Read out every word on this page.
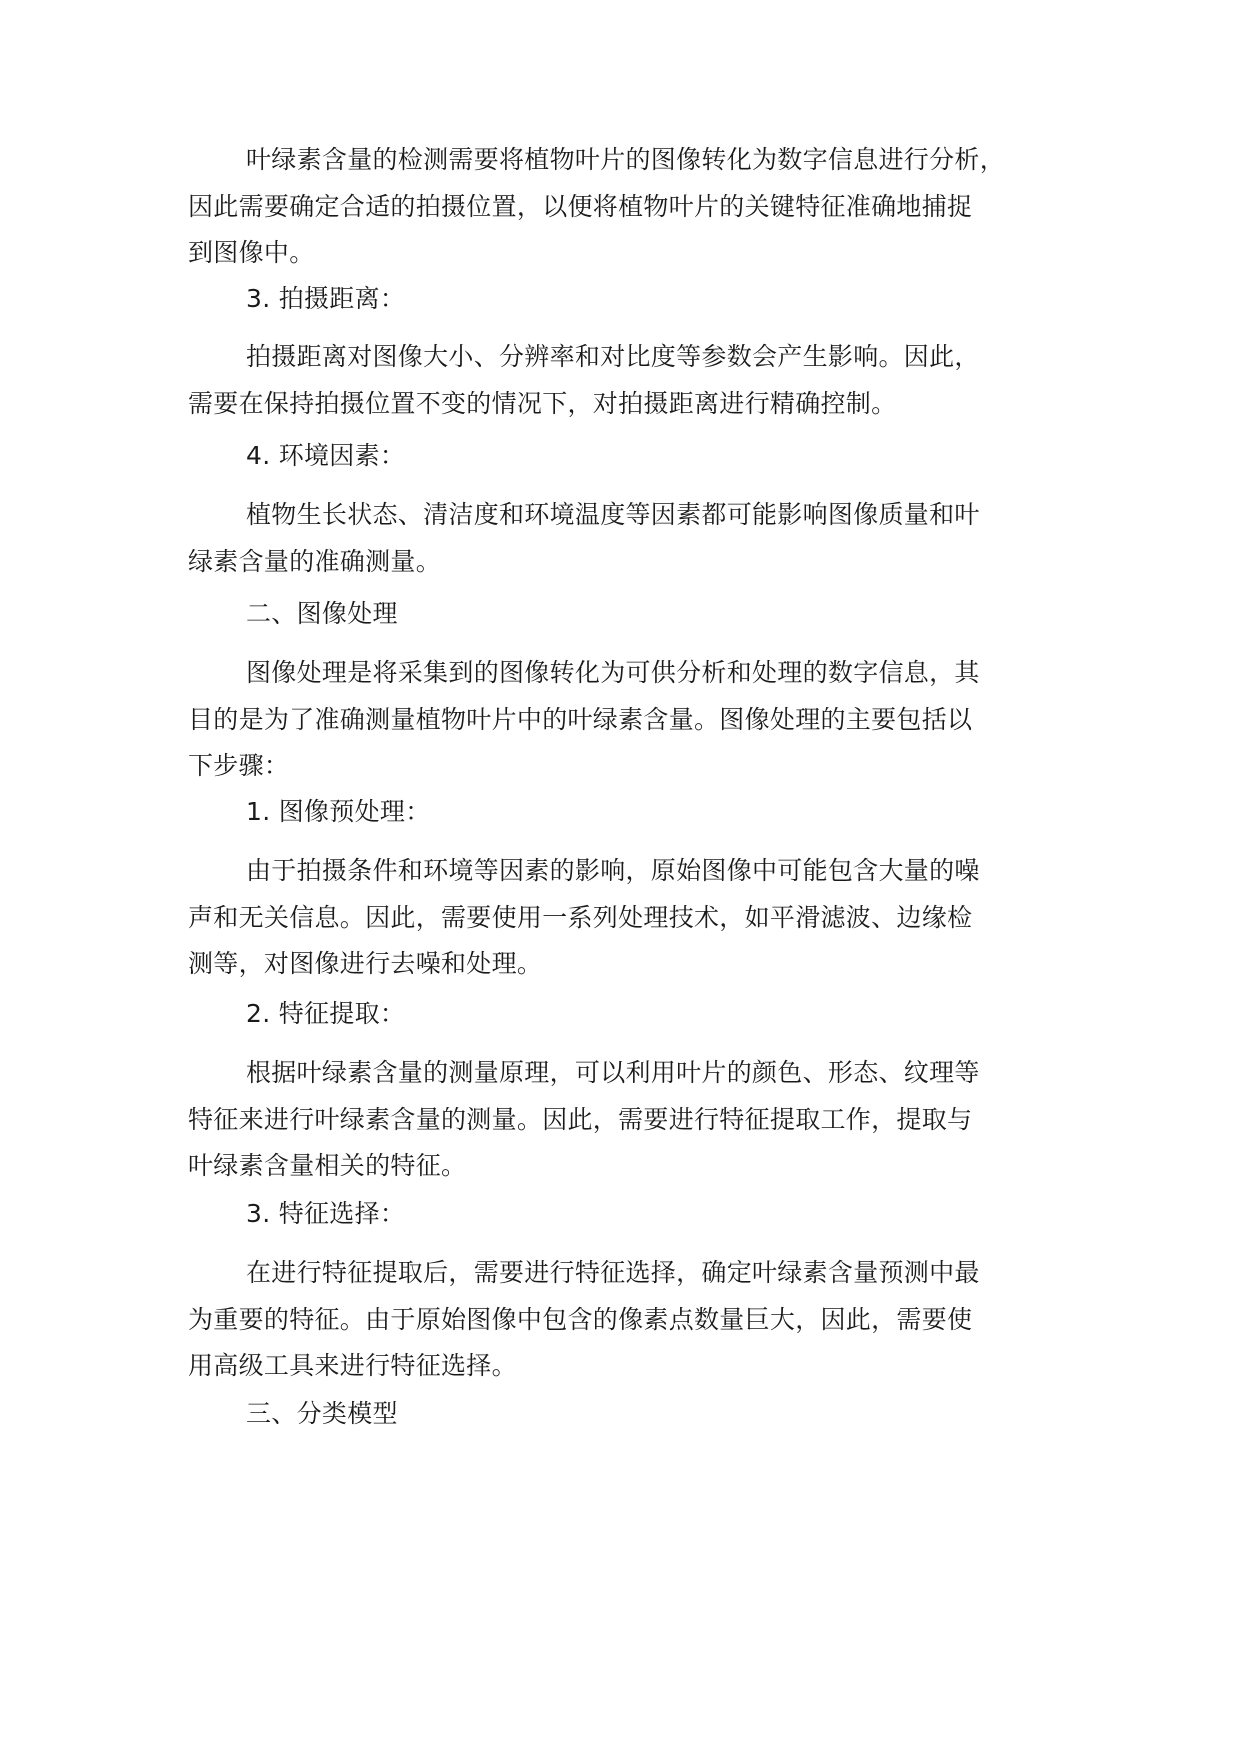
叶绿素含量的检测需要将植物叶片的图像转化为数字信息进行分析，
因此需要确定合适的拍摄位置，以便将植物叶片的关键特征准确地捕捉
到图像中。
3. 拍摄距离：
拍摄距离对图像大小、分辨率和对比度等参数会产生影响。因此，
需要在保持拍摄位置不变的情况下，对拍摄距离进行精确控制。
4. 环境因素：
植物生长状态、清洁度和环境温度等因素都可能影响图像质量和叶
绿素含量的准确测量。
二、图像处理
图像处理是将采集到的图像转化为可供分析和处理的数字信息，其
目的是为了准确测量植物叶片中的叶绿素含量。图像处理的主要包括以
下步骤：
1. 图像预处理：
由于拍摄条件和环境等因素的影响，原始图像中可能包含大量的噪
声和无关信息。因此，需要使用一系列处理技术，如平滑滤波、边缘检
测等，对图像进行去噪和处理。
2. 特征提取：
根据叶绿素含量的测量原理，可以利用叶片的颜色、形态、纹理等
特征来进行叶绿素含量的测量。因此，需要进行特征提取工作，提取与
叶绿素含量相关的特征。
3. 特征选择：
在进行特征提取后，需要进行特征选择，确定叶绿素含量预测中最
为重要的特征。由于原始图像中包含的像素点数量巨大，因此，需要使
用高级工具来进行特征选择。
三、分类模型
